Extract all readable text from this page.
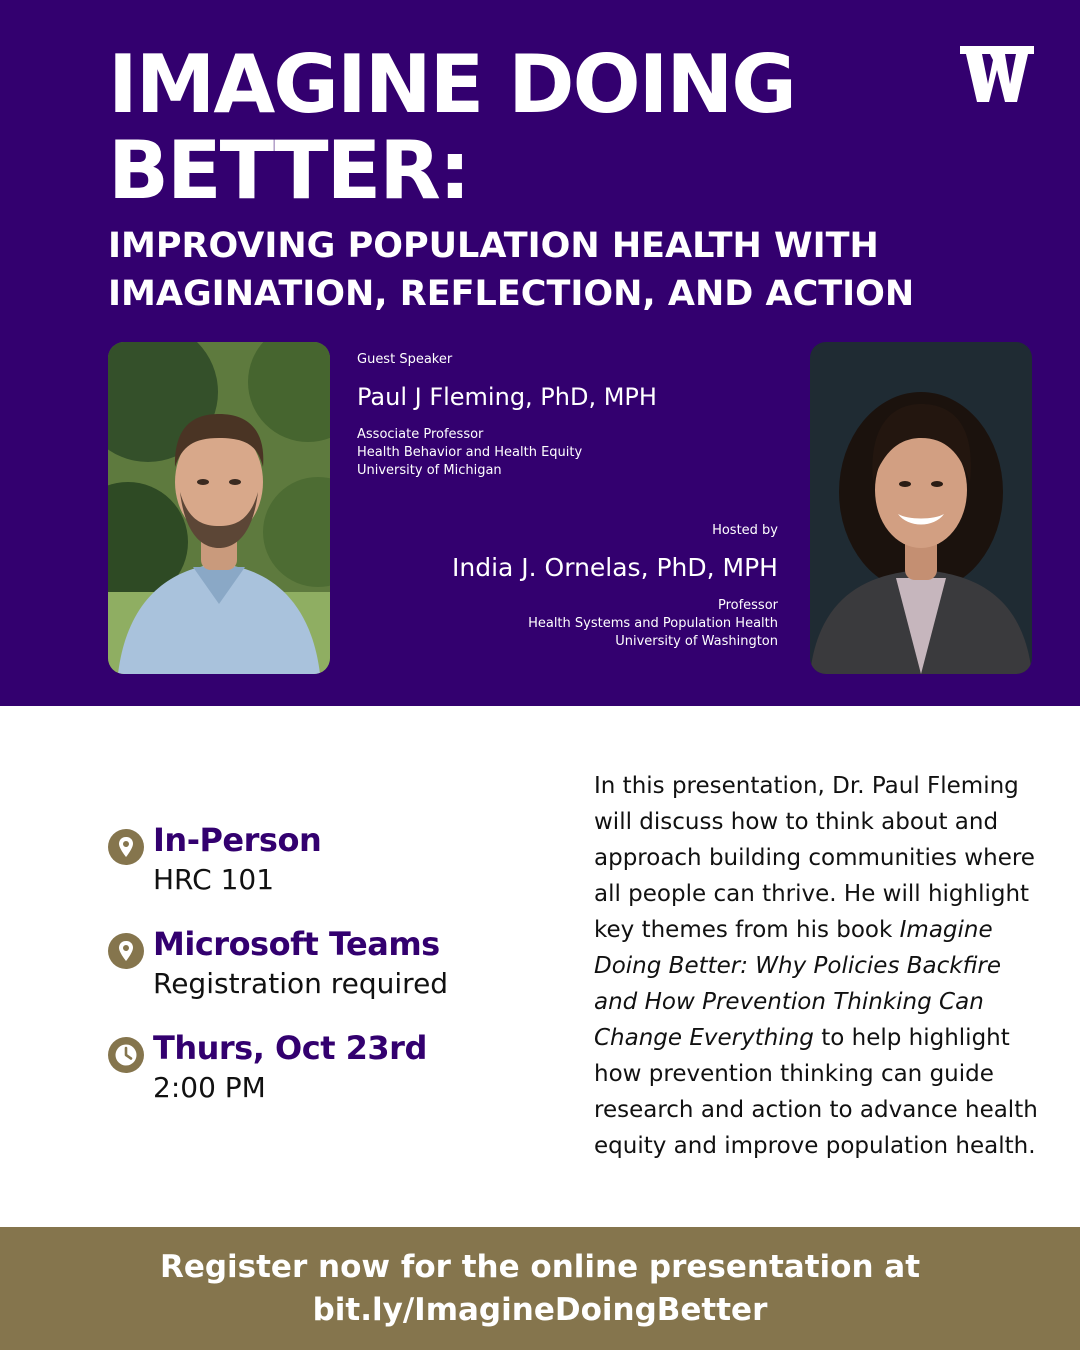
IMAGINE DOING
BETTER:
IMPROVING POPULATION HEALTH WITH
IMAGINATION, REFLECTION, AND ACTION
Guest Speaker
Paul J Fleming, PhD, MPH
Associate Professor
Health Behavior and Health Equity
University of Michigan
Hosted by
India J. Ornelas, PhD, MPH
Professor
Health Systems and Population Health
University of Washington
In-Person
HRC 101
Microsoft Teams
Registration required
Thurs, Oct 23rd
2:00 PM

In this presentation, Dr. Paul Fleming will discuss how to think about and approach building communities where all people can thrive. He will highlight key themes from his book Imagine Doing Better: Why Policies Backfire and How Prevention Thinking Can Change Everything to help highlight how prevention thinking can guide research and action to advance health equity and improve population health.

Register now for the online presentation at
bit.ly/ImagineDoingBetter
